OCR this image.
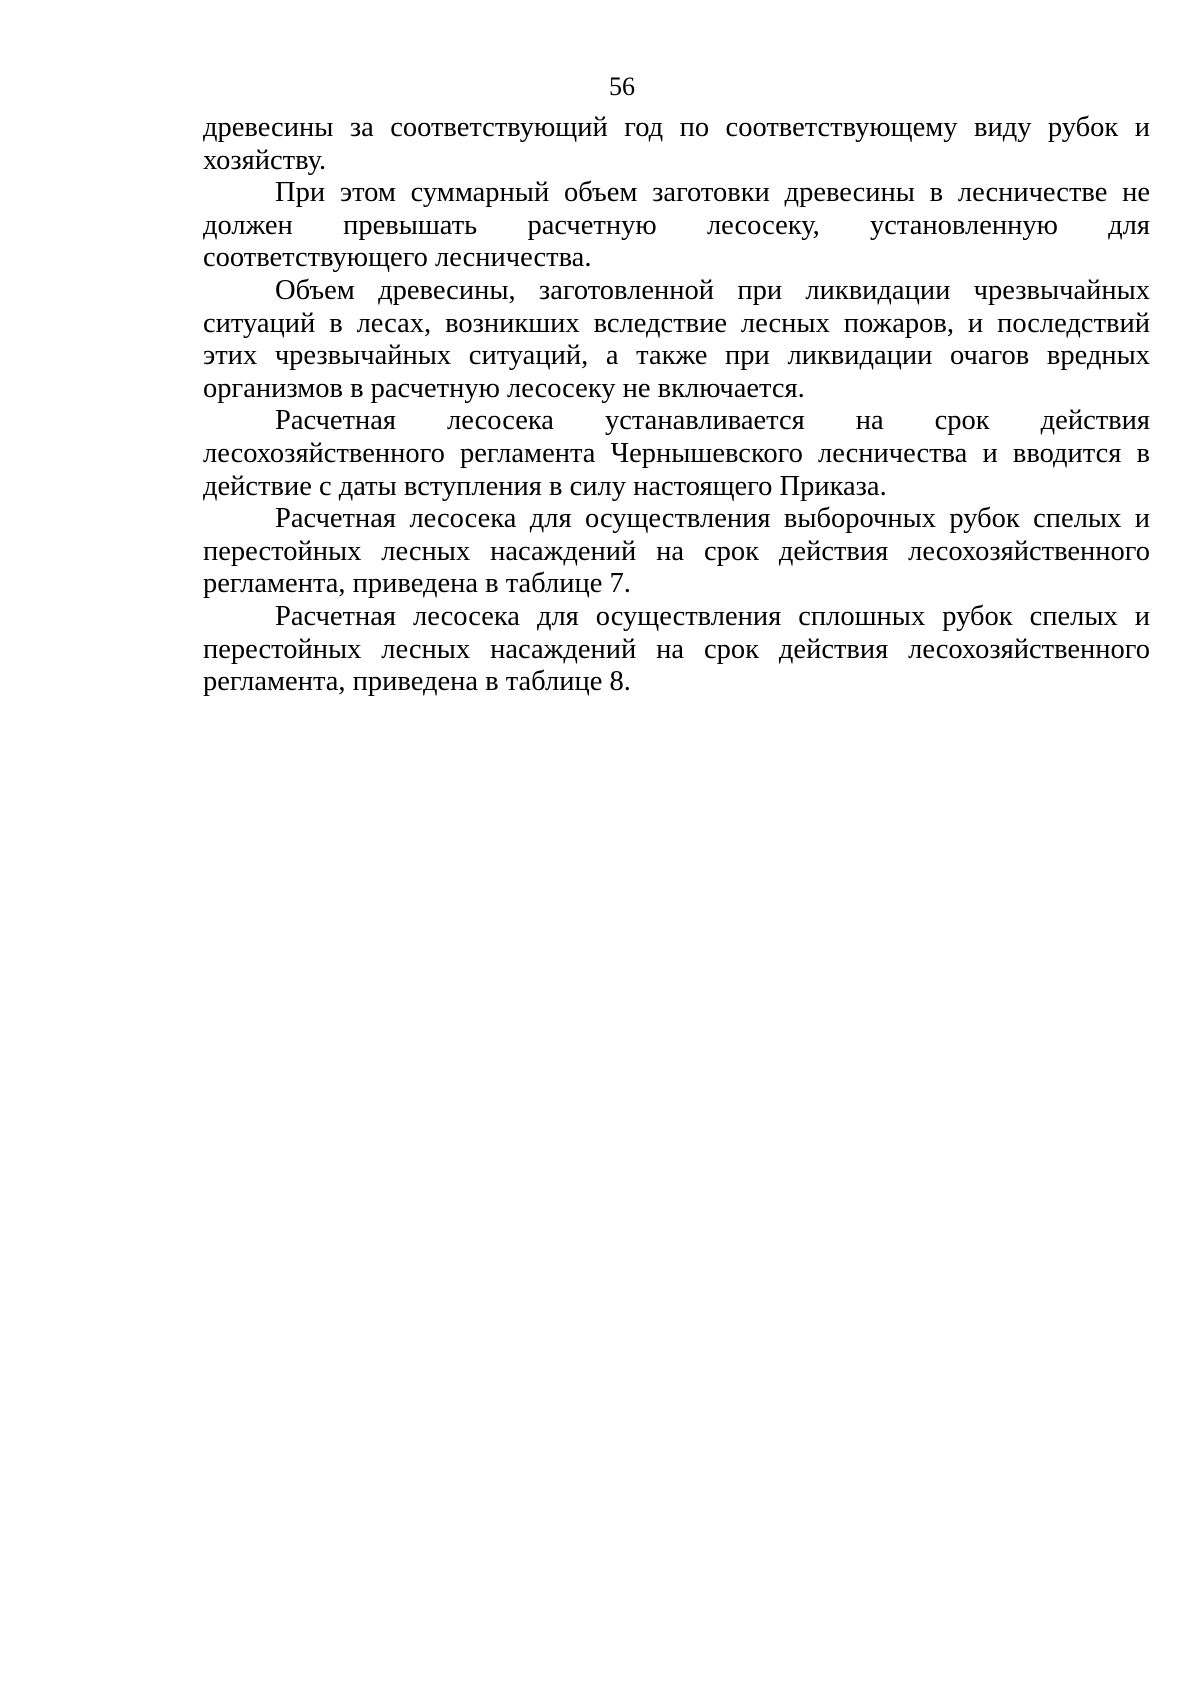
56

древесины за соответствующий год по соответствующему виду рубок и хозяйству.

При этом суммарный объем заготовки древесины в лесничестве не должен превышать расчетную лесосеку, установленную для соответствующего лесничества.

Объем древесины, заготовленной при ликвидации чрезвычайных ситуаций в лесах, возникших вследствие лесных пожаров, и последствий этих чрезвычайных ситуаций, а также при ликвидации очагов вредных организмов в расчетную лесосеку не включается.

Расчетная лесосека устанавливается на срок действия лесохозяйственного регламента Чернышевского лесничества и вводится в действие с даты вступления в силу настоящего Приказа.

Расчетная лесосека для осуществления выборочных рубок спелых и перестойных лесных насаждений на срок действия лесохозяйственного регламента, приведена в таблице 7.

Расчетная лесосека для осуществления сплошных рубок спелых и перестойных лесных насаждений на срок действия лесохозяйственного регламента, приведена в таблице 8.
